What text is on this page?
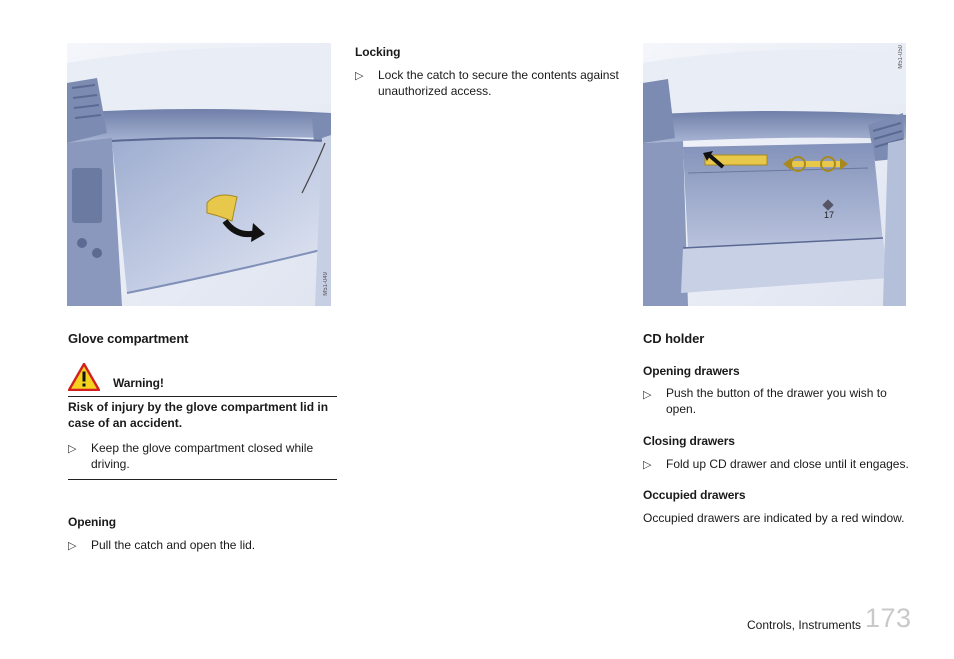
M51-049
M51-050
17
Glove compartment
Warning!
Risk of injury by the glove compartment lid in case of an accident.
▷ Keep the glove compartment closed while driving.
Opening
▷ Pull the catch and open the lid.
Locking
▷ Lock the catch to secure the contents against unauthorized access.
CD holder
Opening drawers
▷ Push the button of the drawer you wish to open.
Closing drawers
▷ Fold up CD drawer and close until it engages.
Occupied drawers
Occupied drawers are indicated by a red window.
Controls, Instruments 173
